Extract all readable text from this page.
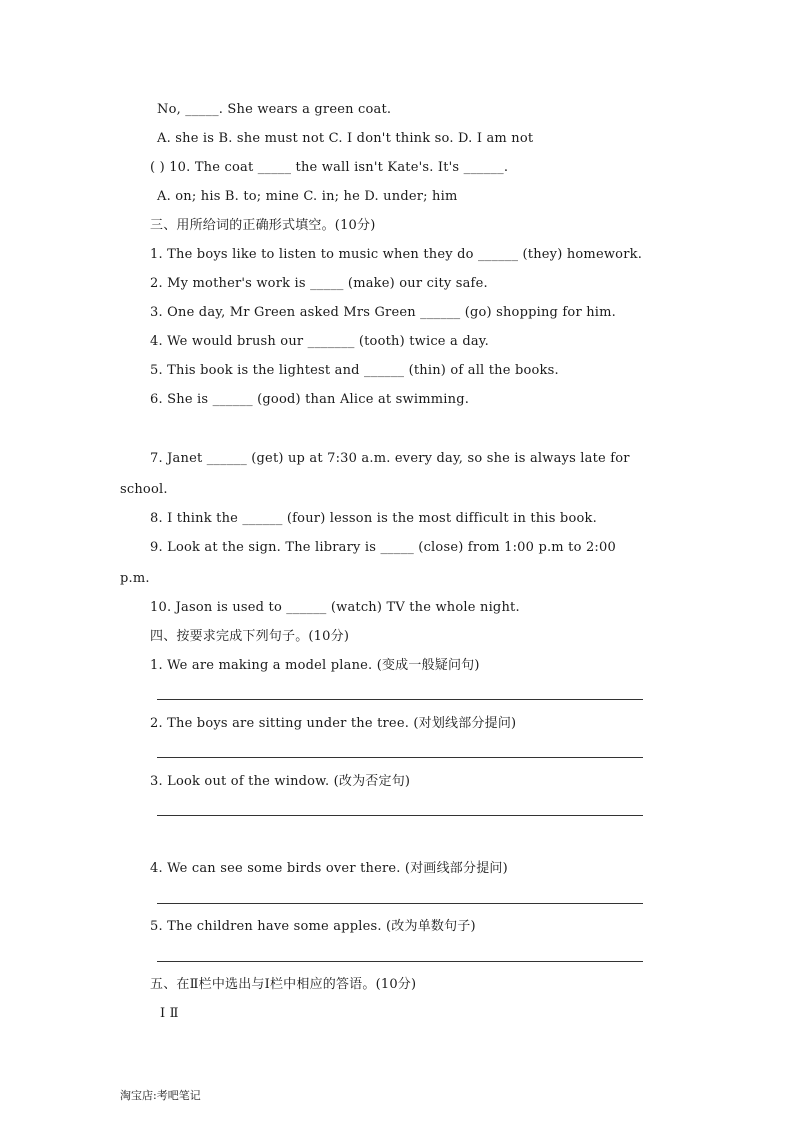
No, _____. She wears a green coat.
A. she is B. she must not C. I don't think so. D. I am not
( ) 10. The coat _____ the wall isn't Kate's. It's ______.
A. on; his B. to; mine C. in; he D. under; him
三、用所给词的正确形式填空。(10分)
1. The boys like to listen to music when they do ______ (they) homework.
2. My mother's work is _____ (make) our city safe.
3. One day, Mr Green asked Mrs Green ______ (go) shopping for him.
4. We would brush our _______ (tooth) twice a day.
5. This book is the lightest and ______ (thin) of all the books.
6. She is ______ (good) than Alice at swimming.
7. Janet ______ (get) up at 7:30 a.m. every day, so she is always late for
school.
8. I think the ______ (four) lesson is the most difficult in this book.
9. Look at the sign. The library is _____ (close) from 1:00 p.m to 2:00
p.m.
10. Jason is used to ______ (watch) TV the whole night.
四、按要求完成下列句子。(10分)
1. We are making a model plane. (变成一般疑问句)
2. The boys are sitting under the tree. (对划线部分提问)
3. Look out of the window. (改为否定句)
4. We can see some birds over there. (对画线部分提问)
5. The children have some apples. (改为单数句子)
五、在Ⅱ栏中选出与Ⅰ栏中相应的答语。(10分)
Ⅰ Ⅱ
淘宝店:考吧笔记
